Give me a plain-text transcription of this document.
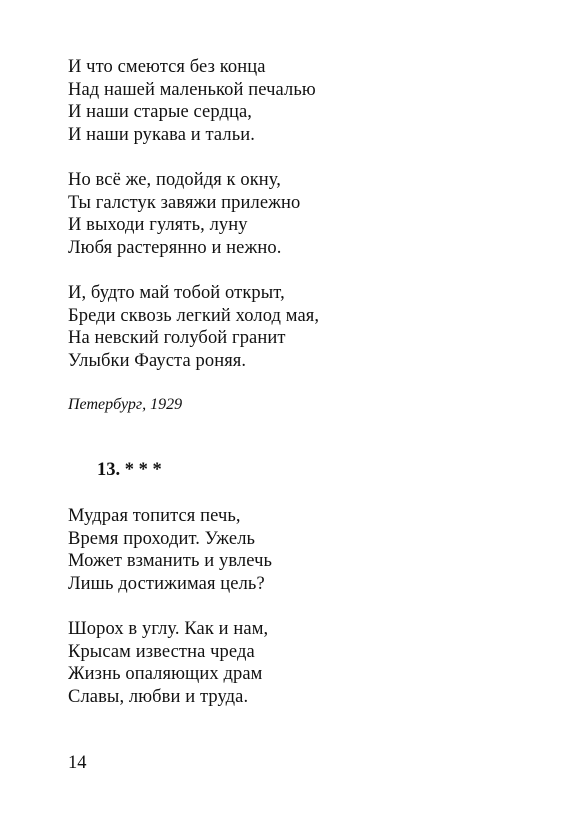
И что смеются без конца
Над нашей маленькой печалью
И наши старые сердца,
И наши рукава и тальи.
Но всё же, подойдя к окну,
Ты галстук завяжи прилежно
И выходи гулять, луну
Любя растерянно и нежно.
И, будто май тобой открыт,
Бреди сквозь легкий холод мая,
На невский голубой гранит
Улыбки Фауста роняя.
Петербург, 1929
13. * * *
Мудрая топится печь,
Время проходит. Ужель
Может взманить и увлечь
Лишь достижимая цель?
Шорох в углу. Как и нам,
Крысам известна чреда
Жизнь опаляющих драм
Славы, любви и труда.
14
